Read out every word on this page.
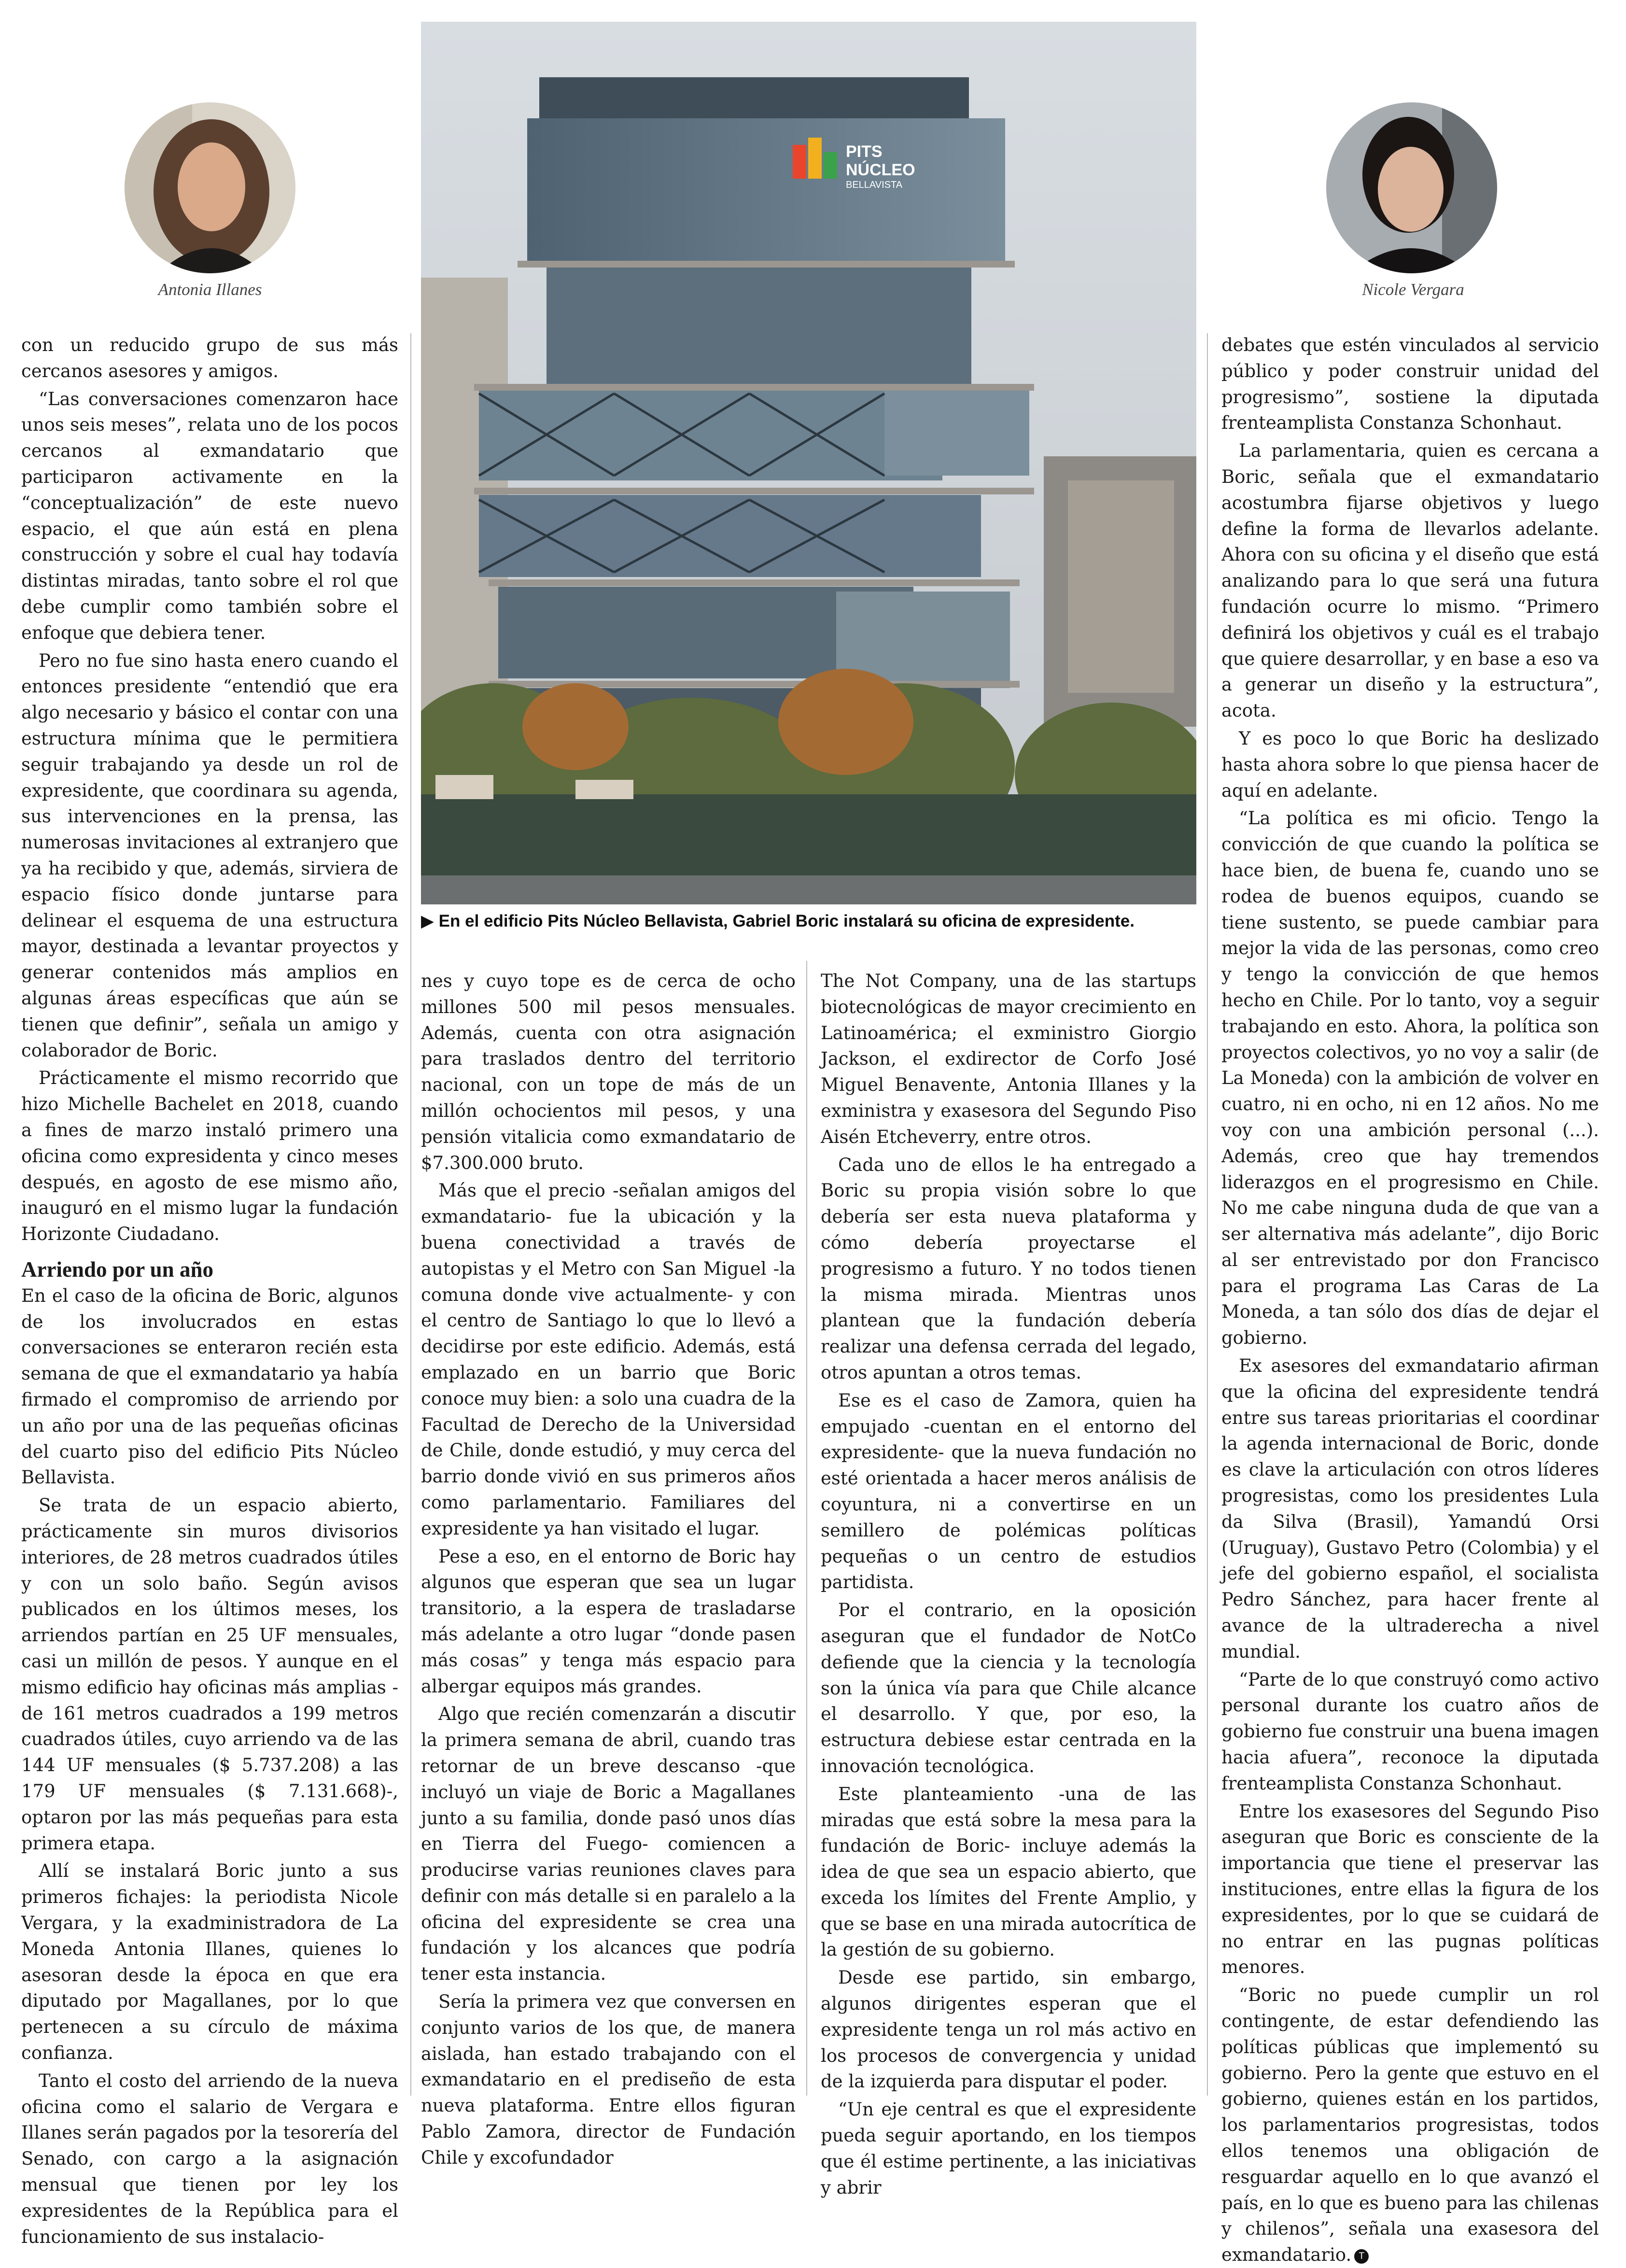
Antonia Illanes	Nicole Vergara
PITS
NÚCLEO
BELLAVISTA
▶ En el edificio Pits Núcleo Bellavista, Gabriel Boric instalará su oficina de expresidente.

con un reducido grupo de sus más cercanos asesores y amigos.

“Las conversaciones comenzaron hace unos seis meses”, relata uno de los pocos cercanos al exmandatario que participaron activamente en la “conceptualización” de este nuevo espacio, el que aún está en plena construcción y sobre el cual hay todavía distintas miradas, tanto sobre el rol que debe cumplir como también sobre el enfoque que debiera tener.

Pero no fue sino hasta enero cuando el entonces presidente “entendió que era algo necesario y básico el contar con una estructura mínima que le permitiera seguir trabajando ya desde un rol de expresidente, que coordinara su agenda, sus intervenciones en la prensa, las numerosas invitaciones al extranjero que ya ha recibido y que, además, sirviera de espacio físico donde juntarse para delinear el esquema de una estructura mayor, destinada a levantar proyectos y generar contenidos más amplios en algunas áreas específicas que aún se tienen que definir”, señala un amigo y colaborador de Boric.

Prácticamente el mismo recorrido que hizo Michelle Bachelet en 2018, cuando a fines de marzo instaló primero una oficina como expresidenta y cinco meses después, en agosto de ese mismo año, inauguró en el mismo lugar la fundación Horizonte Ciudadano.

Arriendo por un año

En el caso de la oficina de Boric, algunos de los involucrados en estas conversaciones se enteraron recién esta semana de que el exmandatario ya había firmado el compromiso de arriendo por un año por una de las pequeñas oficinas del cuarto piso del edificio Pits Núcleo Bellavista.

Se trata de un espacio abierto, prácticamente sin muros divisorios interiores, de 28 metros cuadrados útiles y con un solo baño. Según avisos publicados en los últimos meses, los arriendos partían en 25 UF mensuales, casi un millón de pesos. Y aunque en el mismo edificio hay oficinas más amplias -de 161 metros cuadrados a 199 metros cuadrados útiles, cuyo arriendo va de las 144 UF mensuales ($ 5.737.208) a las 179 UF mensuales ($ 7.131.668)-, optaron por las más pequeñas para esta primera etapa.

Allí se instalará Boric junto a sus primeros fichajes: la periodista Nicole Vergara, y la exadministradora de La Moneda Antonia Illanes, quienes lo asesoran desde la época en que era diputado por Magallanes, por lo que pertenecen a su círculo de máxima confianza.

Tanto el costo del arriendo de la nueva oficina como el salario de Vergara e Illanes serán pagados por la tesorería del Senado, con cargo a la asignación mensual que tienen por ley los expresidentes de la República para el funcionamiento de sus instalacio-

nes y cuyo tope es de cerca de ocho millones 500 mil pesos mensuales. Además, cuenta con otra asignación para traslados dentro del territorio nacional, con un tope de más de un millón ochocientos mil pesos, y una pensión vitalicia como exmandatario de $7.300.000 bruto.

Más que el precio -señalan amigos del exmandatario- fue la ubicación y la buena conectividad a través de autopistas y el Metro con San Miguel -la comuna donde vive actualmente- y con el centro de Santiago lo que lo llevó a decidirse por este edificio. Además, está emplazado en un barrio que Boric conoce muy bien: a solo una cuadra de la Facultad de Derecho de la Universidad de Chile, donde estudió, y muy cerca del barrio donde vivió en sus primeros años como parlamentario. Familiares del expresidente ya han visitado el lugar.

Pese a eso, en el entorno de Boric hay algunos que esperan que sea un lugar transitorio, a la espera de trasladarse más adelante a otro lugar “donde pasen más cosas” y tenga más espacio para albergar equipos más grandes.

Algo que recién comenzarán a discutir la primera semana de abril, cuando tras retornar de un breve descanso -que incluyó un viaje de Boric a Magallanes junto a su familia, donde pasó unos días en Tierra del Fuego- comiencen a producirse varias reuniones claves para definir con más detalle si en paralelo a la oficina del expresidente se crea una fundación y los alcances que podría tener esta instancia.

Sería la primera vez que conversen en conjunto varios de los que, de manera aislada, han estado trabajando con el exmandatario en el prediseño de esta nueva plataforma. Entre ellos figuran Pablo Zamora, director de Fundación Chile y excofundador

The Not Company, una de las startups biotecnológicas de mayor crecimiento en Latinoamérica; el exministro Giorgio Jackson, el exdirector de Corfo José Miguel Benavente, Antonia Illanes y la exministra y exasesora del Segundo Piso Aisén Etcheverry, entre otros.

Cada uno de ellos le ha entregado a Boric su propia visión sobre lo que debería ser esta nueva plataforma y cómo debería proyectarse el progresismo a futuro. Y no todos tienen la misma mirada. Mientras unos plantean que la fundación debería realizar una defensa cerrada del legado, otros apuntan a otros temas.

Ese es el caso de Zamora, quien ha empujado -cuentan en el entorno del expresidente- que la nueva fundación no esté orientada a hacer meros análisis de coyuntura, ni a convertirse en un semillero de polémicas políticas pequeñas o un centro de estudios partidista.

Por el contrario, en la oposición aseguran que el fundador de NotCo defiende que la ciencia y la tecnología son la única vía para que Chile alcance el desarrollo. Y que, por eso, la estructura debiese estar centrada en la innovación tecnológica.

Este planteamiento -una de las miradas que está sobre la mesa para la fundación de Boric- incluye además la idea de que sea un espacio abierto, que exceda los límites del Frente Amplio, y que se base en una mirada autocrítica de la gestión de su gobierno.

Desde ese partido, sin embargo, algunos dirigentes esperan que el expresidente tenga un rol más activo en los procesos de convergencia y unidad de la izquierda para disputar el poder.

“Un eje central es que el expresidente pueda seguir aportando, en los tiempos que él estime pertinente, a las iniciativas y abrir

debates que estén vinculados al servicio público y poder construir unidad del progresismo”, sostiene la diputada frenteamplista Constanza Schonhaut.

La parlamentaria, quien es cercana a Boric, señala que el exmandatario acostumbra fijarse objetivos y luego define la forma de llevarlos adelante. Ahora con su oficina y el diseño que está analizando para lo que será una futura fundación ocurre lo mismo. “Primero definirá los objetivos y cuál es el trabajo que quiere desarrollar, y en base a eso va a generar un diseño y la estructura”, acota.

Y es poco lo que Boric ha deslizado hasta ahora sobre lo que piensa hacer de aquí en adelante.

“La política es mi oficio. Tengo la convicción de que cuando la política se hace bien, de buena fe, cuando uno se rodea de buenos equipos, cuando se tiene sustento, se puede cambiar para mejor la vida de las personas, como creo y tengo la convicción de que hemos hecho en Chile. Por lo tanto, voy a seguir trabajando en esto. Ahora, la política son proyectos colectivos, yo no voy a salir (de La Moneda) con la ambición de volver en cuatro, ni en ocho, ni en 12 años. No me voy con una ambición personal (...). Además, creo que hay tremendos liderazgos en el progresismo en Chile. No me cabe ninguna duda de que van a ser alternativa más adelante”, dijo Boric al ser entrevistado por don Francisco para el programa Las Caras de La Moneda, a tan sólo dos días de dejar el gobierno.

Ex asesores del exmandatario afirman que la oficina del expresidente tendrá entre sus tareas prioritarias el coordinar la agenda internacional de Boric, donde es clave la articulación con otros líderes progresistas, como los presidentes Lula da Silva (Brasil), Yamandú Orsi (Uruguay), Gustavo Petro (Colombia) y el jefe del gobierno español, el socialista Pedro Sánchez, para hacer frente al avance de la ultraderecha a nivel mundial.

“Parte de lo que construyó como activo personal durante los cuatro años de gobierno fue construir una buena imagen hacia afuera”, reconoce la diputada frenteamplista Constanza Schonhaut.

Entre los exasesores del Segundo Piso aseguran que Boric es consciente de la importancia que tiene el preservar las instituciones, entre ellas la figura de los expresidentes, por lo que se cuidará de no entrar en las pugnas políticas menores.

“Boric no puede cumplir un rol contingente, de estar defendiendo las políticas públicas que implementó su gobierno. Pero la gente que estuvo en el gobierno, quienes están en los partidos, los parlamentarios progresistas, todos ellos tenemos una obligación de resguardar aquello en lo que avanzó el país, en lo que es bueno para las chilenas y chilenos”, señala una exasesora del exmandatario. T
